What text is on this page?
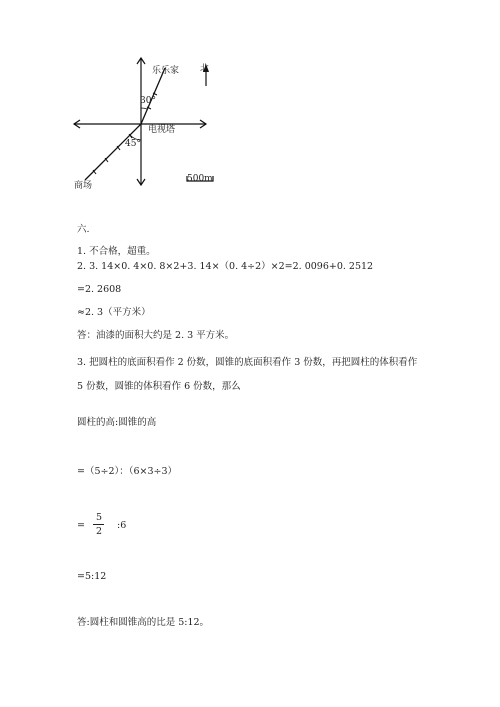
乐乐家 北
30°
电视塔
45°
商场
500m
六.
1. 不合格，超重。
2. 3. 14×0. 4×0. 8×2+3. 14×（0. 4÷2）×2=2. 0096+0. 2512
=2. 2608
≈2. 3（平方米）
答：油漆的面积大约是 2. 3 平方米。
3. 把圆柱的底面积看作 2 份数，圆锥的底面积看作 3 份数，再把圆柱的体积看作
5 份数，圆锥的体积看作 6 份数，那么
圆柱的高:圆锥的高
=（5÷2）：（6×3÷3）
=
5
2
:6
=5:12
答:圆柱和圆锥高的比是 5:12。
